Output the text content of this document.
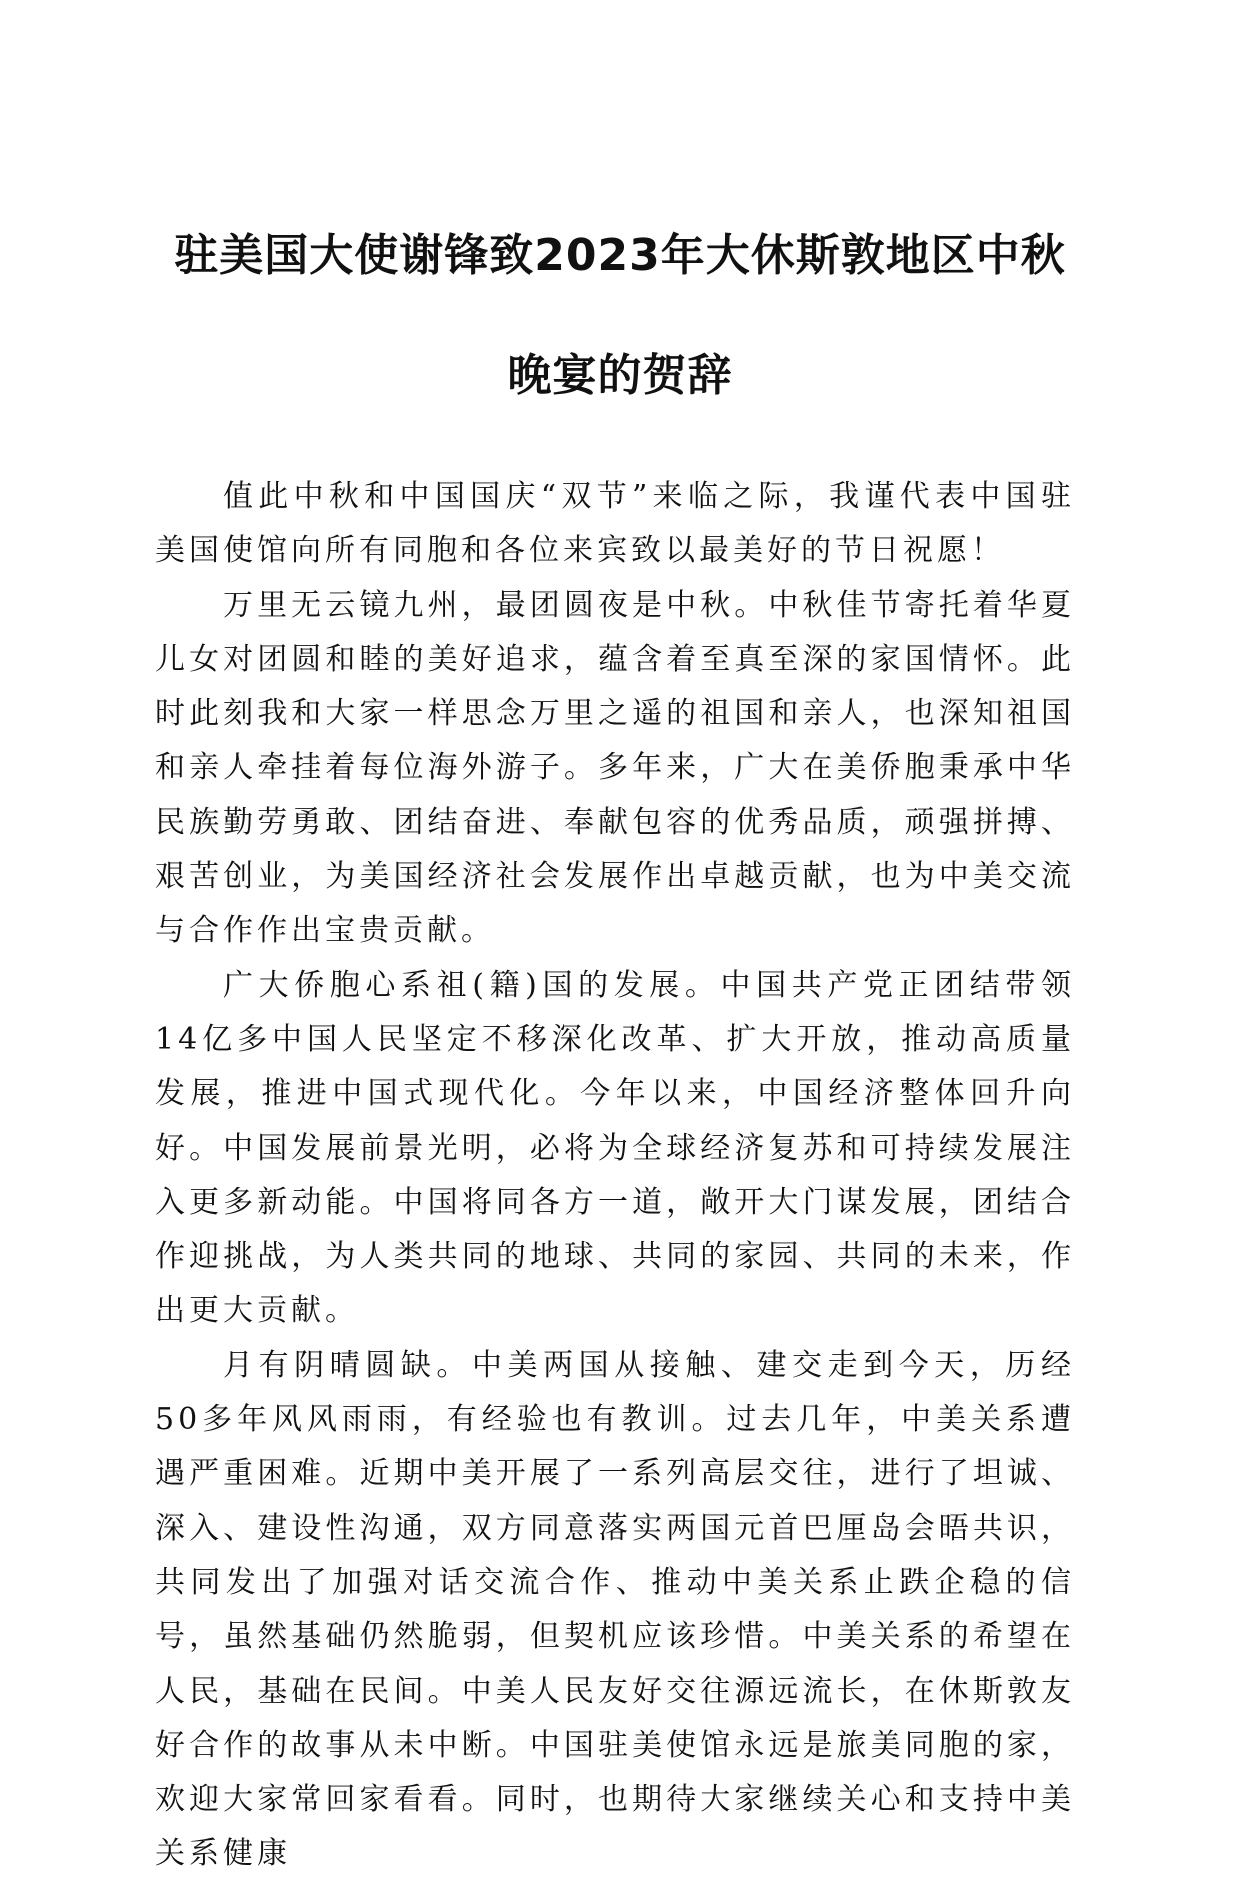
驻美国大使谢锋致2023年大休斯敦地区中秋
晚宴的贺辞

值此中秋和中国国庆“双节”来临之际，我谨代表中国驻美国使馆向所有同胞和各位来宾致以最美好的节日祝愿！

万里无云镜九州，最团圆夜是中秋。中秋佳节寄托着华夏儿女对团圆和睦的美好追求，蕴含着至真至深的家国情怀。此时此刻我和大家一样思念万里之遥的祖国和亲人，也深知祖国和亲人牵挂着每位海外游子。多年来，广大在美侨胞秉承中华民族勤劳勇敢、团结奋进、奉献包容的优秀品质，顽强拼搏、艰苦创业，为美国经济社会发展作出卓越贡献，也为中美交流与合作作出宝贵贡献。

广大侨胞心系祖(籍)国的发展。中国共产党正团结带领14亿多中国人民坚定不移深化改革、扩大开放，推动高质量发展，推进中国式现代化。今年以来，中国经济整体回升向好。中国发展前景光明，必将为全球经济复苏和可持续发展注入更多新动能。中国将同各方一道，敞开大门谋发展，团结合作迎挑战，为人类共同的地球、共同的家园、共同的未来，作出更大贡献。

月有阴晴圆缺。中美两国从接触、建交走到今天，历经50多年风风雨雨，有经验也有教训。过去几年，中美关系遭遇严重困难。近期中美开展了一系列高层交往，进行了坦诚、深入、建设性沟通，双方同意落实两国元首巴厘岛会晤共识，共同发出了加强对话交流合作、推动中美关系止跌企稳的信号，虽然基础仍然脆弱，但契机应该珍惜。中美关系的希望在人民，基础在民间。中美人民友好交往源远流长，在休斯敦友好合作的故事从未中断。中国驻美使馆永远是旅美同胞的家，欢迎大家常回家看看。同时，也期待大家继续关心和支持中美关系健康
